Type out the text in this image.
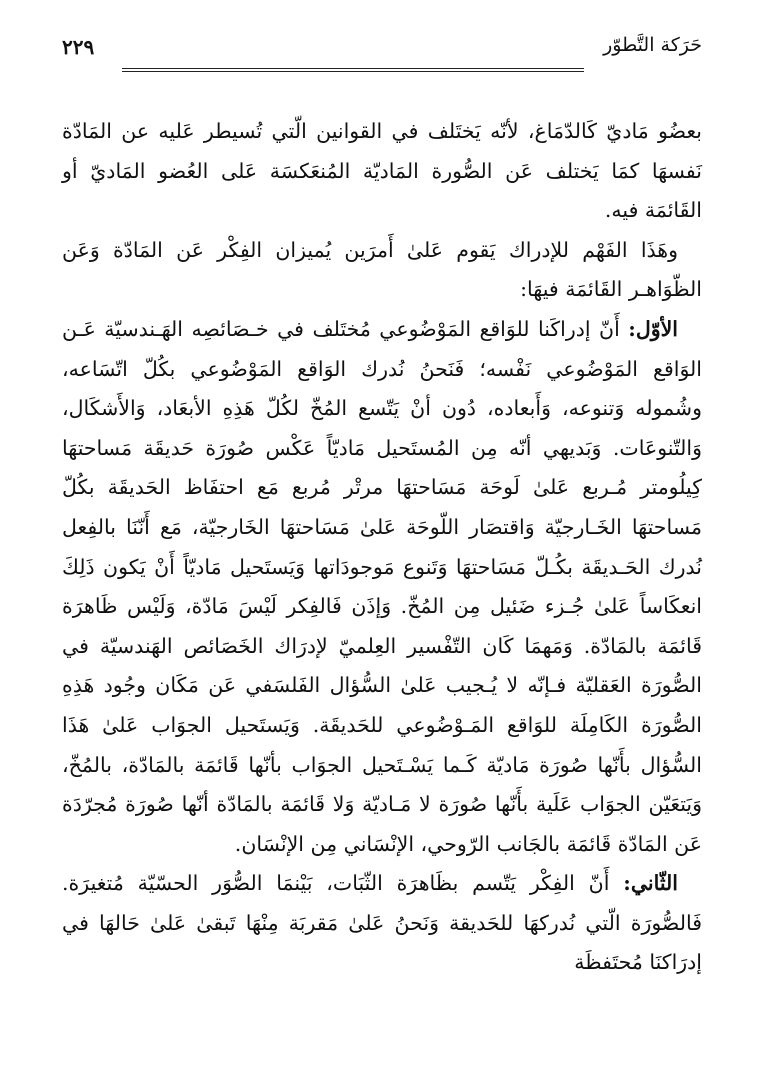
حَرَكة التَّطوّر
٢٢٩

بعضُو مَاديّ كَالدّمَاغ، لأنّه يَختَلف في القوانين الّتي تُسيطر عَليه عن المَادّة نَفسهَا كمَا يَختلف عَن الصُّورة المَاديّة المُنعَكسَة عَلى العُضو المَاديّ أو القَائمَة فيه.

وهَذَا الفَهْم للإدراك يَقوم عَلىٰ أَمرَين يُميزان الفِكْر عَن المَادّة وَعَن الظّوَاهـر القَائمَة فيهَا:

الأوّل: أَنّ إدراكَنا للوَاقع المَوْضُوعي مُختَلف في خـصَائصِه الهَـندسيّة عَـن الوَاقع المَوْضُوعي نَفْسه؛ فَنَحنُ نُدرك الوَاقع المَوْضُوعي بكُلّ اتّسَاعه، وشُموله وَتنوعه، وَأَبعاده، دُون أنْ يَتّسع المُخّ لكُلّ هَذِهِ الأبعَاد، وَالأَشكَال، وَالتّنوعَات. وَبَديهي أنّه مِن المُستَحيل مَاديّاً عَكْس صُورَة حَديقَة مَساحتهَا كِيلُومتر مُـربع عَلىٰ لَوحَة مَسَاحتهَا مرتْر مُربع مَع احتفَاظ الحَديقَة بكُلّ مَساحتهَا الخَـارجيّة وَاقتصَار اللّوحَة عَلىٰ مَسَاحتهَا الخَارجيّة، مَع أَنّنَا بالفِعل نُدرك الحَـديقَة بكُـلّ مَسَاحتهَا وَتَنوع مَوجودَاتها وَيَستَحيل مَاديّاً أَنْ يَكون ذَلِكَ انعكَاساً عَلىٰ جُـزء ضَئيل مِن المُخّ. وَإذَن فَالفِكر لَيْسَ مَادّة، وَلَيْس ظَاهرَة قَائمَة بالمَادّة. وَمَهمَا كَان التّفْسير العِلميّ لإدرَاك الخَصَائص الهَندسيّة في الصُّورَة العَقليّة فـإنّه لا يُـجيب عَلىٰ السُّؤال الفَلسَفي عَن مَكَان وجُود هَذِهِ الصُّورَة الكَامِلَة للوَاقع المَـوْضُوعي للحَديقَة. وَيَستَحيل الجوَاب عَلىٰ هَذَا السُّؤال بأَنّها صُورَة مَاديّة كَـما يَسْـتَحيل الجوَاب بأنّها قَائمَة بالمَادّة، بالمُخّ، وَيَتعَيّن الجوَاب عَلَية بأَنّها صُورَة لا مَـاديّة وَلا قَائمَة بالمَادّة أنّها صُورَة مُجرّدَة عَن المَادّة قَائمَة بالجَانب الرّوحي، الإنْسَاني مِن الإنْسَان.

الثّاني: أَنّ الفِكْر يَتّسم بظَاهرَة الثّبَات، بَيْنمَا الصُّوَر الحسّيّة مُتغيرَة. فَالصُّورَة الّتي نُدركهَا للحَديقة وَنَحنُ عَلىٰ مَقربَة مِنْهَا تَبقىٰ عَلىٰ حَالهَا في إدرَاكنَا مُحتَفظَة
